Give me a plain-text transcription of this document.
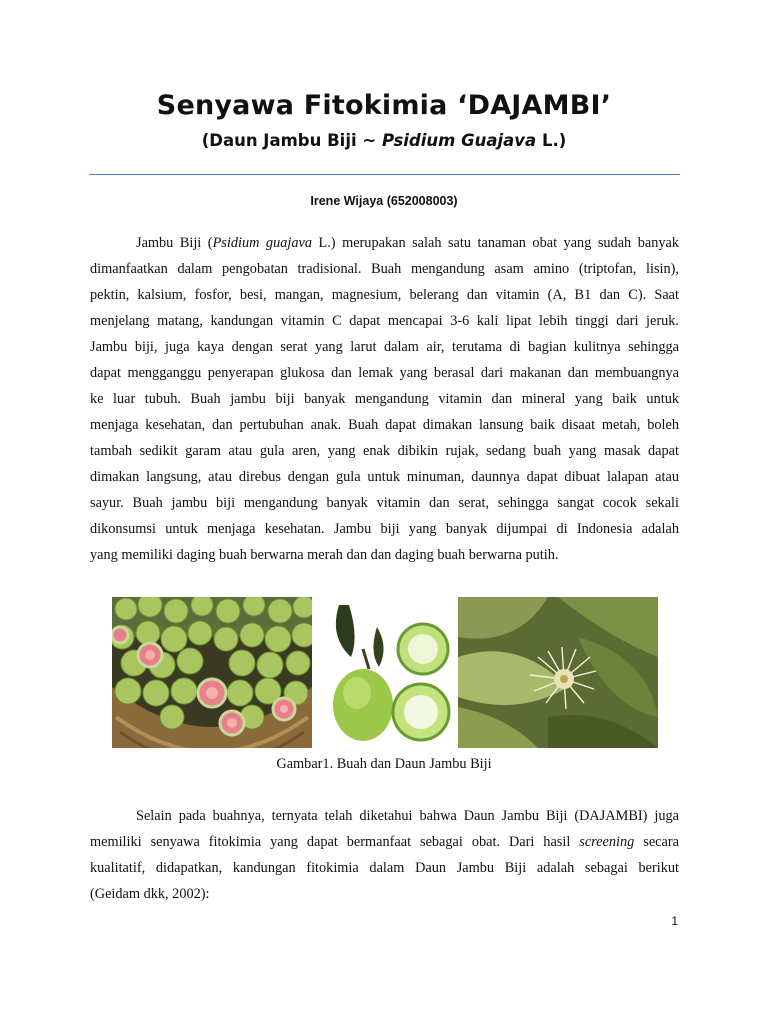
Senyawa Fitokimia ‘DAJAMBI’
(Daun Jambu Biji ~ Psidium Guajava L.)
Irene Wijaya (652008003)
Jambu Biji (Psidium guajava L.) merupakan salah satu tanaman obat yang sudah banyak
dimanfaatkan dalam pengobatan tradisional. Buah mengandung asam amino (triptofan, lisin),
pektin, kalsium, fosfor, besi, mangan, magnesium, belerang dan vitamin (A, B1 dan C). Saat
menjelang matang, kandungan vitamin C dapat mencapai 3-6 kali lipat lebih tinggi dari jeruk.
Jambu biji, juga kaya dengan serat yang larut dalam air, terutama di bagian kulitnya sehingga
dapat mengganggu penyerapan glukosa dan lemak yang berasal dari makanan dan membuangnya
ke luar tubuh. Buah jambu biji banyak mengandung vitamin dan mineral yang baik untuk
menjaga kesehatan, dan pertubuhan anak. Buah dapat dimakan lansung baik disaat metah, boleh
tambah sedikit garam atau gula aren, yang enak dibikin rujak, sedang buah yang masak dapat
dimakan langsung, atau direbus dengan gula untuk minuman, daunnya dapat dibuat lalapan atau
sayur. Buah jambu biji mengandung banyak vitamin dan serat, sehingga sangat cocok sekali
dikonsumsi untuk menjaga kesehatan. Jambu biji yang banyak dijumpai di Indonesia adalah
yang memiliki daging buah berwarna merah dan dan daging buah berwarna putih.
Gambar1. Buah dan Daun Jambu Biji
Selain pada buahnya, ternyata telah diketahui bahwa Daun Jambu Biji (DAJAMBI) juga
memiliki senyawa fitokimia yang dapat bermanfaat sebagai obat. Dari hasil screening secara
kualitatif, didapatkan, kandungan fitokimia dalam Daun Jambu Biji adalah sebagai berikut
(Geidam dkk, 2002):
1
